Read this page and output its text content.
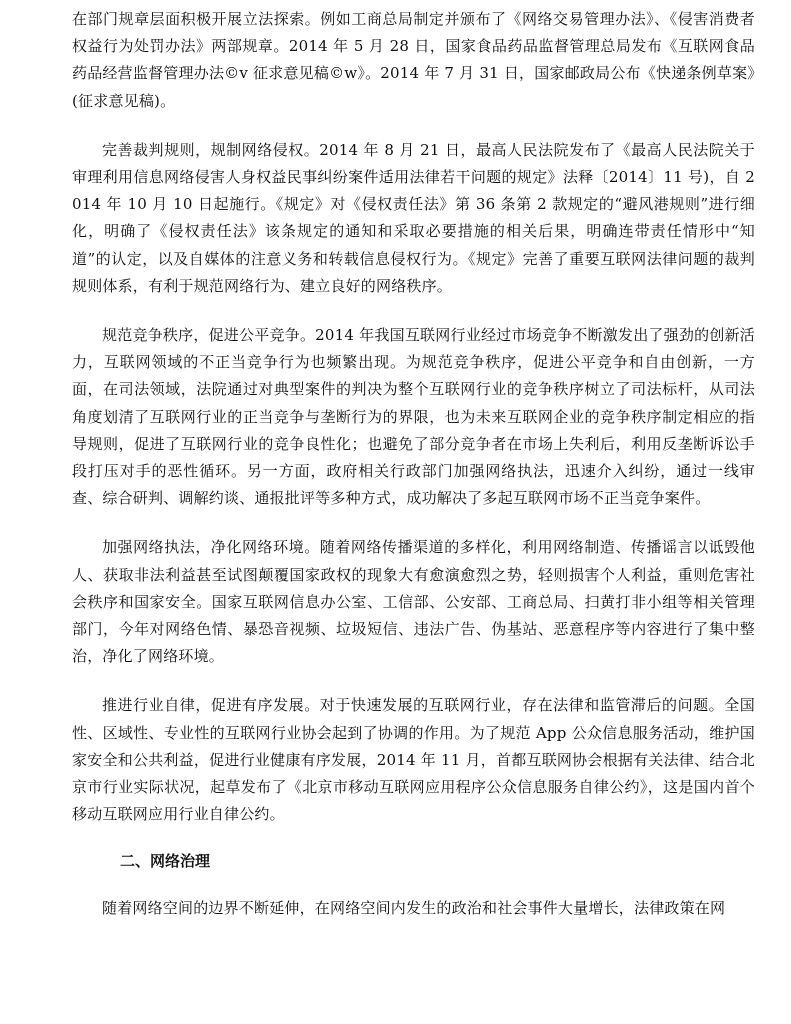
在部门规章层面积极开展立法探索。例如工商总局制定并颁布了《网络交易管理办法》、《侵害消费者权益行为处罚办法》两部规章。2014 年 5 月 28 日，国家食品药品监督管理总局发布《互联网食品药品经营监督管理办法©v 征求意见稿©w》。2014 年 7 月 31 日，国家邮政局公布《快递条例草案》(征求意见稿)。

完善裁判规则，规制网络侵权。2014 年 8 月 21 日，最高人民法院发布了《最高人民法院关于审理利用信息网络侵害人身权益民事纠纷案件适用法律若干问题的规定》法释〔2014〕11 号)，自 2014 年 10 月 10 日起施行。《规定》对《侵权责任法》第 36 条第 2 款规定的“避风港规则”进行细化，明确了《侵权责任法》该条规定的通知和采取必要措施的相关后果，明确连带责任情形中“知道”的认定，以及自媒体的注意义务和转载信息侵权行为。《规定》完善了重要互联网法律问题的裁判规则体系，有利于规范网络行为、建立良好的网络秩序。

规范竞争秩序，促进公平竞争。2014 年我国互联网行业经过市场竞争不断激发出了强劲的创新活力，互联网领域的不正当竞争行为也频繁出现。为规范竞争秩序，促进公平竞争和自由创新，一方面，在司法领域，法院通过对典型案件的判决为整个互联网行业的竞争秩序树立了司法标杆，从司法角度划清了互联网行业的正当竞争与垄断行为的界限，也为未来互联网企业的竞争秩序制定相应的指导规则，促进了互联网行业的竞争良性化；也避免了部分竞争者在市场上失利后，利用反垄断诉讼手段打压对手的恶性循环。另一方面，政府相关行政部门加强网络执法，迅速介入纠纷，通过一线审查、综合研判、调解约谈、通报批评等多种方式，成功解决了多起互联网市场不正当竞争案件。

加强网络执法，净化网络环境。随着网络传播渠道的多样化，利用网络制造、传播谣言以诋毁他人、获取非法利益甚至试图颠覆国家政权的现象大有愈演愈烈之势，轻则损害个人利益，重则危害社会秩序和国家安全。国家互联网信息办公室、工信部、公安部、工商总局、扫黄打非小组等相关管理部门，今年对网络色情、暴恐音视频、垃圾短信、违法广告、伪基站、恶意程序等内容进行了集中整治，净化了网络环境。

推进行业自律，促进有序发展。对于快速发展的互联网行业，存在法律和监管滞后的问题。全国性、区域性、专业性的互联网行业协会起到了协调的作用。为了规范 App 公众信息服务活动，维护国家安全和公共利益，促进行业健康有序发展，2014 年 11 月，首都互联网协会根据有关法律、结合北京市行业实际状况，起草发布了《北京市移动互联网应用程序公众信息服务自律公约》，这是国内首个移动互联网应用行业自律公约。

二、网络治理

随着网络空间的边界不断延伸，在网络空间内发生的政治和社会事件大量增长，法律政策在网
